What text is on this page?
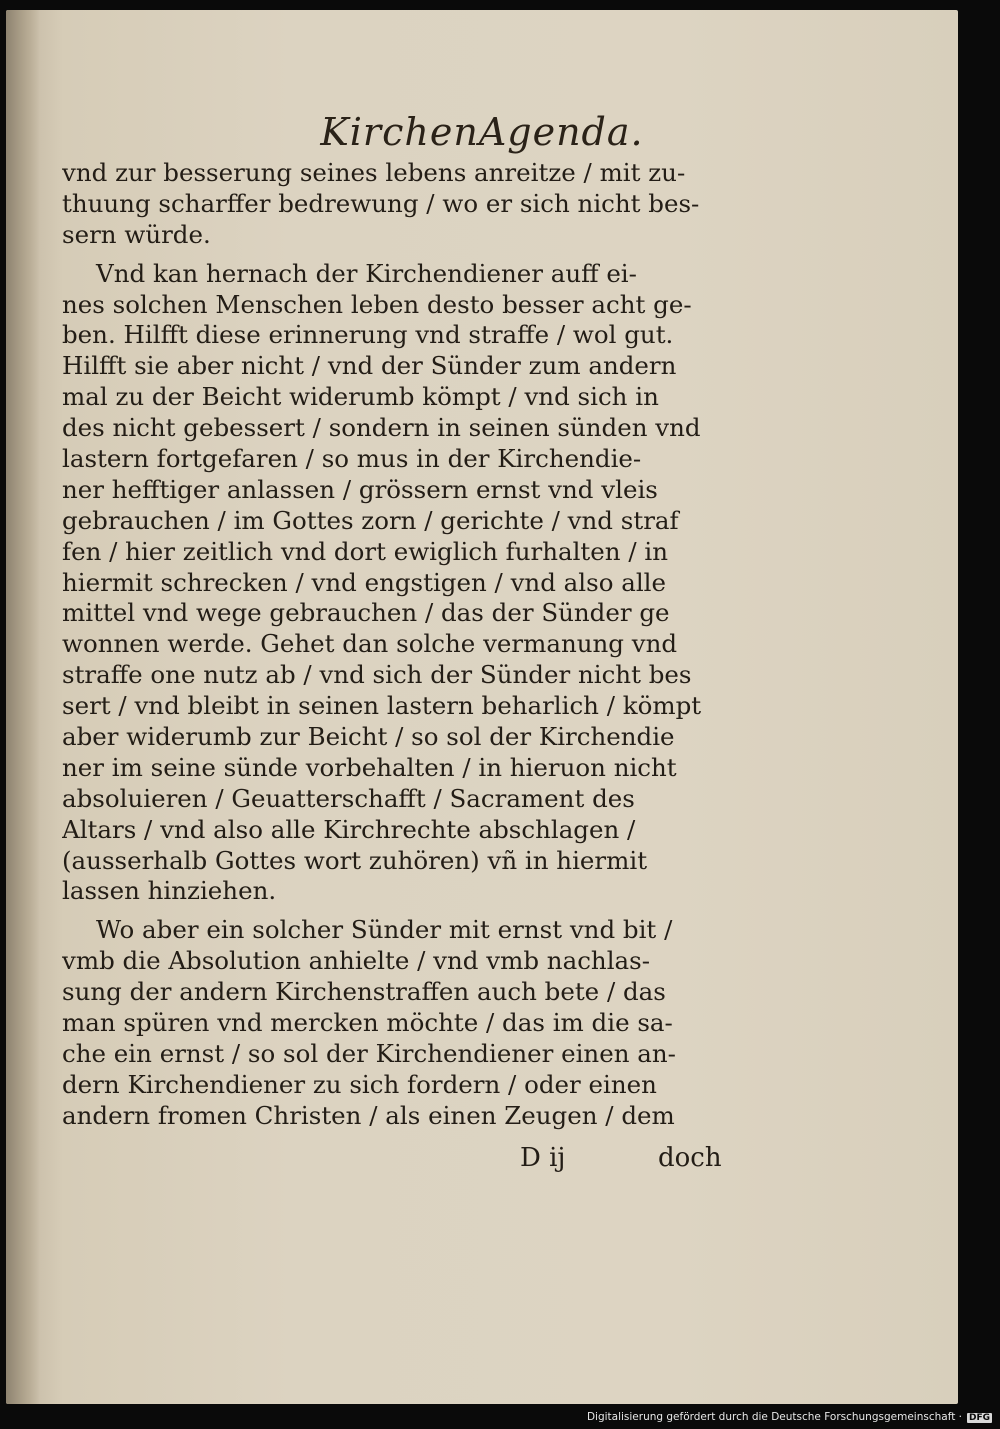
KirchenAgenda.
vnd zur besserung seines lebens anreitze / mit zu-
thuung scharffer bedrewung / wo er sich nicht bes-
sern würde.
Vnd kan hernach der Kirchendiener auff ei-
nes solchen Menschen leben desto besser acht ge-
ben. Hilfft diese erinnerung vnd straffe / wol gut.
Hilfft sie aber nicht / vnd der Sünder zum andern
mal zu der Beicht widerumb kömpt / vnd sich in
des nicht gebessert / sondern in seinen sünden vnd
lastern fortgefaren / so mus in der Kirchendie-
ner hefftiger anlassen / grössern ernst vnd vleis
gebrauchen / im Gottes zorn / gerichte / vnd straf
fen / hier zeitlich vnd dort ewiglich furhalten / in
hiermit schrecken / vnd engstigen / vnd also alle
mittel vnd wege gebrauchen / das der Sünder ge
wonnen werde. Gehet dan solche vermanung vnd
straffe one nutz ab / vnd sich der Sünder nicht bes
sert / vnd bleibt in seinen lastern beharlich / kömpt
aber widerumb zur Beicht / so sol der Kirchendie
ner im seine sünde vorbehalten / in hieruon nicht
absoluieren / Geuatterschafft / Sacrament des
Altars / vnd also alle Kirchrechte abschlagen /
(ausserhalb Gottes wort zuhören) vñ in hiermit
lassen hinziehen.
Wo aber ein solcher Sünder mit ernst vnd bit /
vmb die Absolution anhielte / vnd vmb nachlas-
sung der andern Kirchenstraffen auch bete / das
man spüren vnd mercken möchte / das im die sa-
che ein ernst / so sol der Kirchendiener einen an-
dern Kirchendiener zu sich fordern / oder einen
andern fromen Christen / als einen Zeugen / dem
D ij	doch
Digitalisierung gefördert durch die Deutsche Forschungsgemeinschaft · DFG
